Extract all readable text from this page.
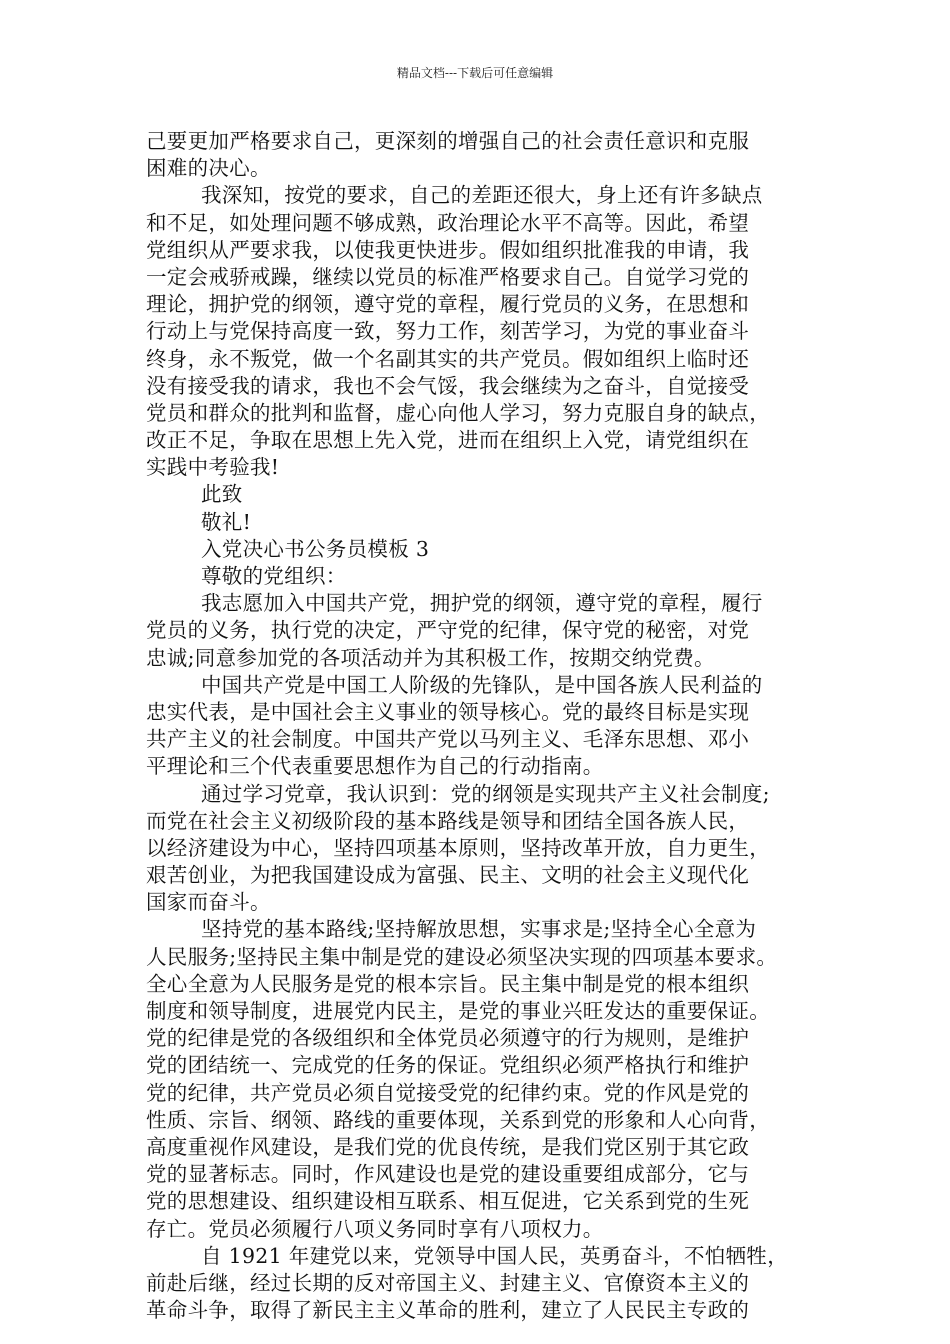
精品文档---下载后可任意编辑
己要更加严格要求自己，更深刻的增强自己的社会责任意识和克服
困难的决心。
我深知，按党的要求，自己的差距还很大，身上还有许多缺点
和不足，如处理问题不够成熟，政治理论水平不高等。因此，希望
党组织从严要求我，以使我更快进步。假如组织批准我的申请，我
一定会戒骄戒躁，继续以党员的标准严格要求自己。自觉学习党的
理论，拥护党的纲领，遵守党的章程，履行党员的义务，在思想和
行动上与党保持高度一致，努力工作，刻苦学习，为党的事业奋斗
终身，永不叛党，做一个名副其实的共产党员。假如组织上临时还
没有接受我的请求，我也不会气馁，我会继续为之奋斗，自觉接受
党员和群众的批判和监督，虚心向他人学习，努力克服自身的缺点，
改正不足，争取在思想上先入党，进而在组织上入党，请党组织在
实践中考验我!
此致
敬礼!
入党决心书公务员模板 3
尊敬的党组织：
我志愿加入中国共产党，拥护党的纲领，遵守党的章程，履行
党员的义务，执行党的决定，严守党的纪律，保守党的秘密，对党
忠诚;同意参加党的各项活动并为其积极工作，按期交纳党费。
中国共产党是中国工人阶级的先锋队，是中国各族人民利益的
忠实代表，是中国社会主义事业的领导核心。党的最终目标是实现
共产主义的社会制度。中国共产党以马列主义、毛泽东思想、邓小
平理论和三个代表重要思想作为自己的行动指南。
通过学习党章，我认识到：党的纲领是实现共产主义社会制度;
而党在社会主义初级阶段的基本路线是领导和团结全国各族人民，
以经济建设为中心，坚持四项基本原则，坚持改革开放，自力更生，
艰苦创业，为把我国建设成为富强、民主、文明的社会主义现代化
国家而奋斗。
坚持党的基本路线;坚持解放思想，实事求是;坚持全心全意为
人民服务;坚持民主集中制是党的建设必须坚决实现的四项基本要求。
全心全意为人民服务是党的根本宗旨。民主集中制是党的根本组织
制度和领导制度，进展党内民主，是党的事业兴旺发达的重要保证。
党的纪律是党的各级组织和全体党员必须遵守的行为规则，是维护
党的团结统一、完成党的任务的保证。党组织必须严格执行和维护
党的纪律，共产党员必须自觉接受党的纪律约束。党的作风是党的
性质、宗旨、纲领、路线的重要体现，关系到党的形象和人心向背，
高度重视作风建设，是我们党的优良传统，是我们党区别于其它政
党的显著标志。同时，作风建设也是党的建设重要组成部分，它与
党的思想建设、组织建设相互联系、相互促进，它关系到党的生死
存亡。党员必须履行八项义务同时享有八项权力。
自 1921 年建党以来，党领导中国人民，英勇奋斗，不怕牺牲，
前赴后继，经过长期的反对帝国主义、封建主义、官僚资本主义的
革命斗争，取得了新民主主义革命的胜利，建立了人民民主专政的
